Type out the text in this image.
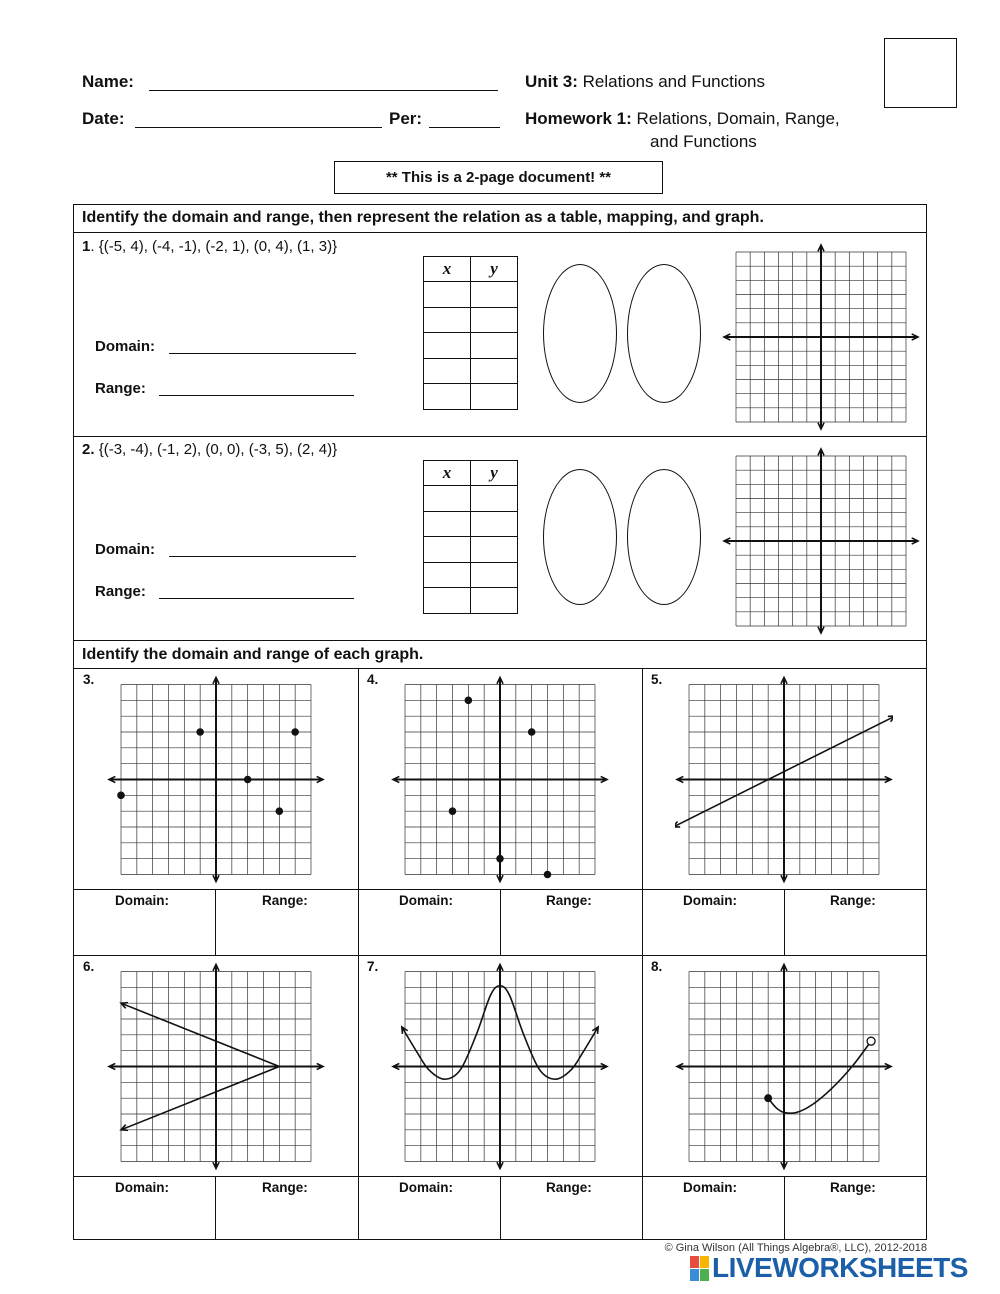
Name:
Date:	Per:
Unit 3: Relations and Functions
Homework 1: Relations, Domain, Range,
and Functions
** This is a 2-page document! **
Identify the domain and range, then represent the relation as a table, mapping, and graph.
1. {(-5, 4), (-4, -1), (-2, 1), (0, 4), (1, 3)}
Domain:
Range:
x	y

2. {(-3, -4), (-1, 2), (0, 0), (-3, 5), (2, 4)}
Domain:
Range:
x	y

Identify the domain and range of each graph.
3.	4.	5.
6.	7.	8.
Domain:	Range:	Domain:	Range:	Domain:	Range:
Domain:	Range:	Domain:	Range:	Domain:	Range:
© Gina Wilson (All Things Algebra®, LLC), 2012-2018
LIVEWORKSHEETS
